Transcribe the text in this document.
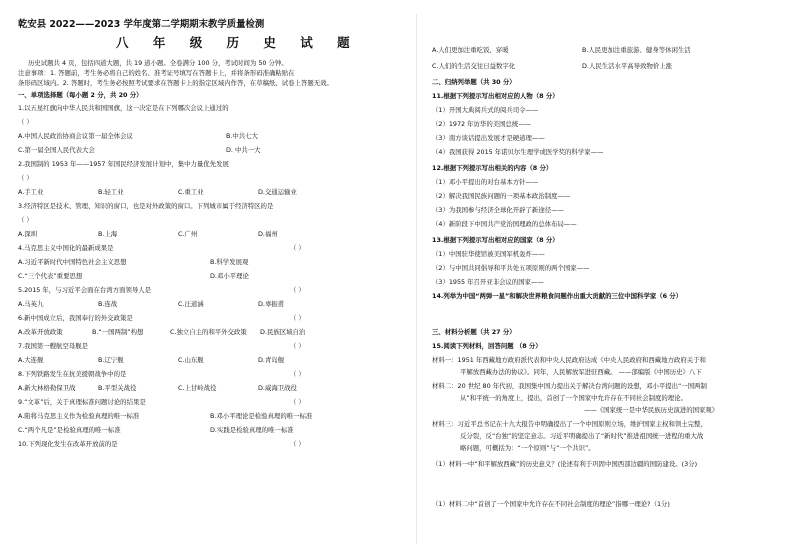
乾安县 2022——2023 学年度第二学期期末教学质量检测
八 年 级 历 史 试 题
历史试题共 4 页，包括四道大题，共 19 道小题。全卷满分 100 分，考试时间为 50 分钟。
注意事项：1. 答题前，考生务必将自己的姓名、准考证号填写在答题卡上，并将条形码准确粘贴在
条形码区域内。2. 答题时，考生务必按照考试要求在答题卡上的指定区域内作答，在草稿纸、试卷上答题无效。
一、单项选择题（每小题 2 分，共 20 分）
1.以五星红旗向中华人民共和国国旗，这一决定是在下列哪次会议上通过的
（ ）
A.中国人民政治协商会议第一届全体会议	B.中共七大
C.第一届全国人民代表大会	D. 中共一大
2.我国制的 1953 年——1957 年国民经济发展计划中，集中力量优先发展
（ ）
A.手工业	B.轻工业	C.重工业	D.交通运输业
3.经济特区是技术、管理、知识的窗口，也是对外政策的窗口。下列城市属于经济特区的是
（ ）
A.深圳	B.上海	C.广州	D.福州
4.马克思主义中国化的最新成果是	（ ）
A.习近平新时代中国特色社会主义思想	B.科学发展观
C.“三个代表”重要思想	D.邓小平理论
5.2015 年，与习近平会面在台湾方面领导人是	（ ）
A.马英九	B.连战	C.汪道涵	D.辜振甫
6.新中国成立后，我国奉行的外交政策是	（ ）
A.改革开放政策	B.“一国两制”构想	C.独立自主的和平外交政策 D.民族区域自治
7.我国第一艘航空母舰是	（ ）
A.大连舰	B.辽宁舰	C.山东舰	D.青岛舰
8.下列铁路发生在抗美援朝战争中的是	（ ）
A.新大林格勒保卫战	B.平型关战役	C.上甘岭战役	D.威海卫战役
9.“文革”后，关于真理标准问题讨论的结果是	（ ）
A.陷将马克思主义作为检验真理的唯一标准	B.邓小平理论是检验真理的唯一标准
C.“两个凡是”是检验真理的唯一标准	D.实践是检验真理的唯一标准
10.下列现化发生在改革开放前的是	（ ）
A.人们更加注重吃饭、穿暖	B.人民更加注重旅游、健身等休闲生活
C.人们的生活交往日益数字化	D.人民生活水平高导致物价上涨
二、归纳列举题（共 30 分）
11.根据下列提示写出相对应的人物（8 分）
（1）开国大典阅兵式的阅兵司令——
（2）1972 年访华的美国总统——
（3）南方谈话提出发展才是硬道理——
（4）我国获得 2015 年诺贝尔生理学或医学奖的科学家——
12.根据下列提示写出相关的内容（8 分）
（1）邓小平提出的对台基本方针——
（2）解决我国民族问题的一项基本政治制度——
（3）为我国参与经济全球化开辟了新途径——
（4）新阶段下中国共产党治国理政的总体布局——
13.根据下列提示写出相对应的国家（8 分）
（1）中国驻华使馆被美国军机轰炸——
（2）与中国共同倡导和平共处五项原则的两个国家——
（3）1955 年召开亚非会议的国家——
14.列举为中国“两弹一星”和解决世界粮食问题作出重大贡献的三位中国科学家（6 分）
三、材料分析题（共 27 分）
15.阅读下列材料，回答问题 （8 分）
材料一：1951 年西藏地方政府派代表和中央人民政府达成《中央人民政府和西藏地方政府关于和
平解放西藏办法的协议》。同年，人民解放军进驻西藏。 ——部编版《中国历史》八下
材料二：20 世纪 80 年代初，我国集中国力提出关于解决台湾问题的设想，邓小平提出“一国两制
从”和平统一的角度上，提出，首创了一个国家中允许存在不同社会制度的理论。
——《国家统一是中华民族历史演进的国家观》
材料三：习近平总书记在十九大报告中明确提出了一个中国原则立场，维护国家主权和领土完整，
反分裂，反“台独”的坚定意志。习近平明确提出了“新时代”推进祖国统一进程的重大战
略问题，可概括为：“一个原则”与“一个共识”。
（1）材料一中“和平解放西藏”的历史意义？(论述有利于巩固中国西部边疆的国防建设。(3分)
（1）材料二中“首创了一个国家中允许存在不同社会制度的理论”指哪一理论?（1分)
